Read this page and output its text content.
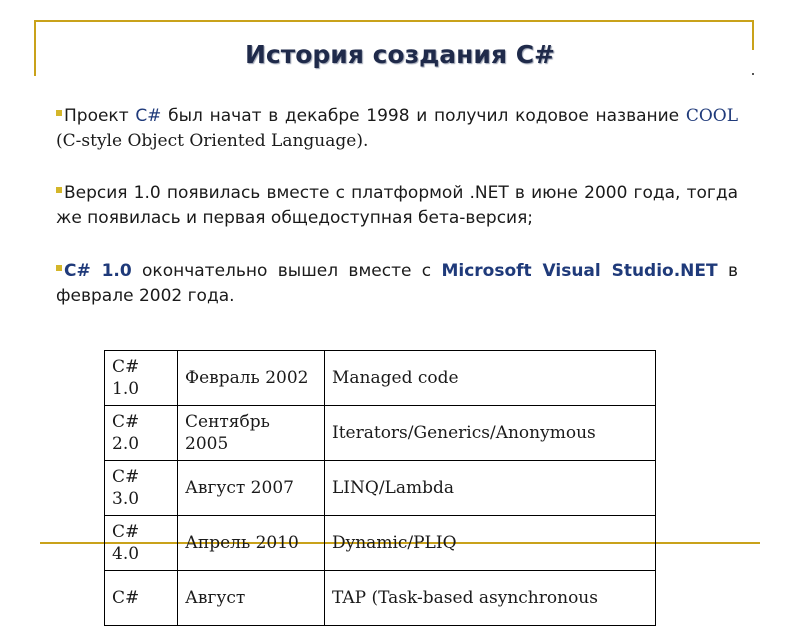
История создания C#
Проект C# был начат в декабре 1998 и получил кодовое название COOL (C-style Object Oriented Language).
Версия 1.0 появилась вместе с платформой .NET в июне 2000 года, тогда же появилась и первая общедоступная бета-версия;
C# 1.0 окончательно вышел вместе с Microsoft Visual Studio.NET в феврале 2002 года.
C# 1.0	Февраль 2002	Managed code
C# 2.0	Сентябрь 2005	Iterators/Generics/Anonymous
C# 3.0	Август 2007	LINQ/Lambda
C# 4.0	Апрель 2010	Dynamic/PLIQ
C#	Август	TAP (Task-based asynchronous
